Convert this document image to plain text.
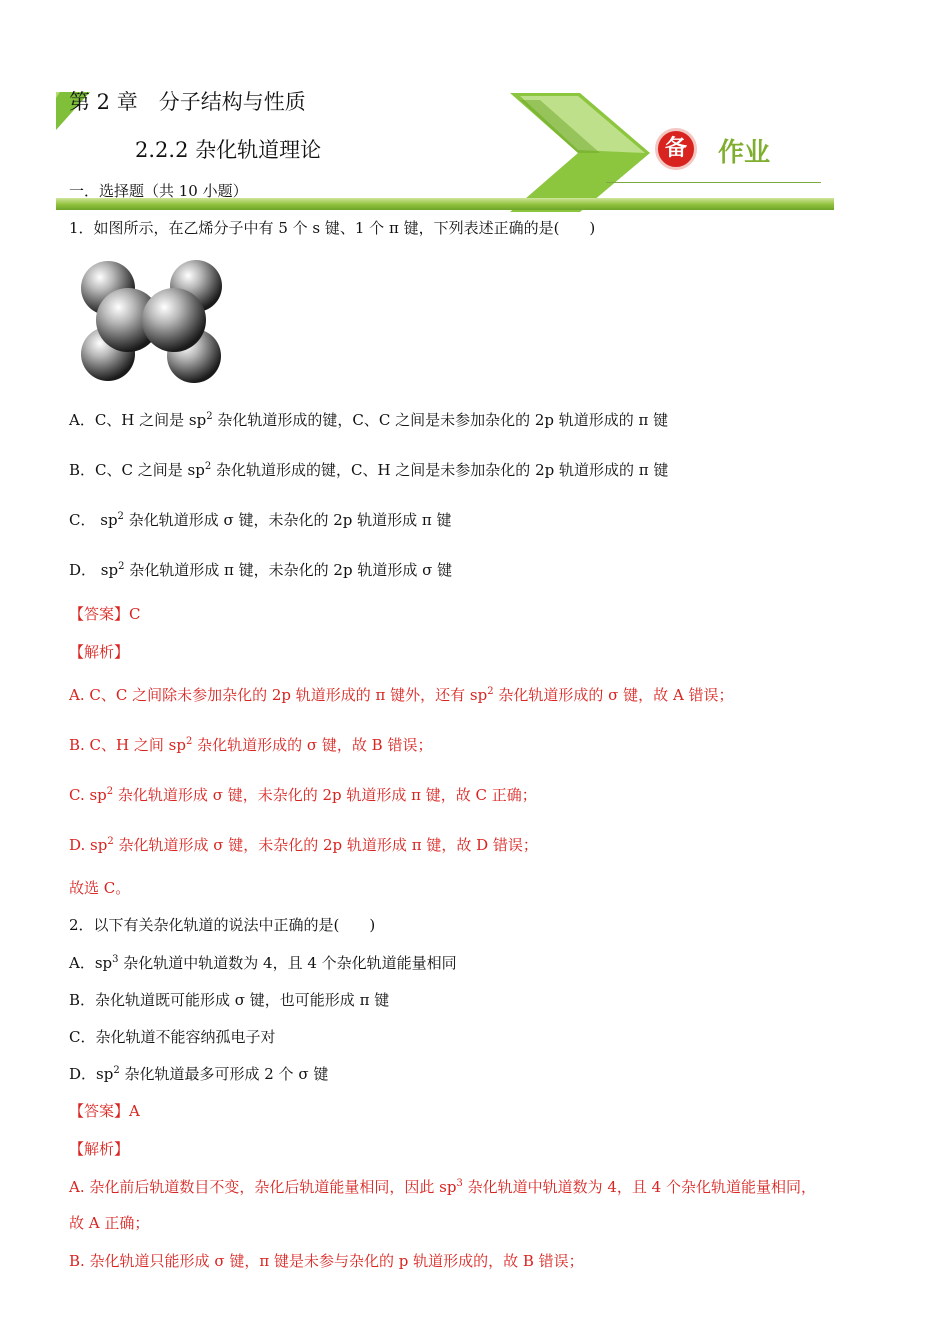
备	作业
第 2 章　分子结构与性质
2.2.2 杂化轨道理论
一．选择题（共 10 小题）
1．如图所示，在乙烯分子中有 5 个 s 键、1 个 π 键，下列表述正确的是(　　)
A．C、H 之间是 $sp^2$ 杂化轨道形成的键，C、C 之间是未参加杂化的 2p 轨道形成的 π 键
B．C、C 之间是 $sp^2$ 杂化轨道形成的键，C、H 之间是未参加杂化的 2p 轨道形成的 π 键
C． $sp^2$ 杂化轨道形成 σ 键，未杂化的 2p 轨道形成 π 键
D． $sp^2$ 杂化轨道形成 π 键，未杂化的 2p 轨道形成 σ 键
【答案】C
【解析】
A. C、C 之间除未参加杂化的 2p 轨道形成的 π 键外，还有 $sp^2$ 杂化轨道形成的 σ 键，故 A 错误；
B. C、H 之间 $sp^2$ 杂化轨道形成的 σ 键，故 B 错误；
C. $sp^2$ 杂化轨道形成 σ 键，未杂化的 2p 轨道形成 π 键，故 C 正确；
D. $sp^2$ 杂化轨道形成 σ 键，未杂化的 2p 轨道形成 π 键，故 D 错误；
故选 C。
2．以下有关杂化轨道的说法中正确的是(　　)
A．$sp^3$ 杂化轨道中轨道数为 4，且 4 个杂化轨道能量相同
B．杂化轨道既可能形成 σ 键，也可能形成 π 键
C．杂化轨道不能容纳孤电子对
D．$sp^2$ 杂化轨道最多可形成 2 个 σ 键
【答案】A
【解析】
A. 杂化前后轨道数目不变，杂化后轨道能量相同，因此 $sp^3$ 杂化轨道中轨道数为 4，且 4 个杂化轨道能量相同，
故 A 正确；
B. 杂化轨道只能形成 σ 键，π 键是未参与杂化的 p 轨道形成的，故 B 错误；
